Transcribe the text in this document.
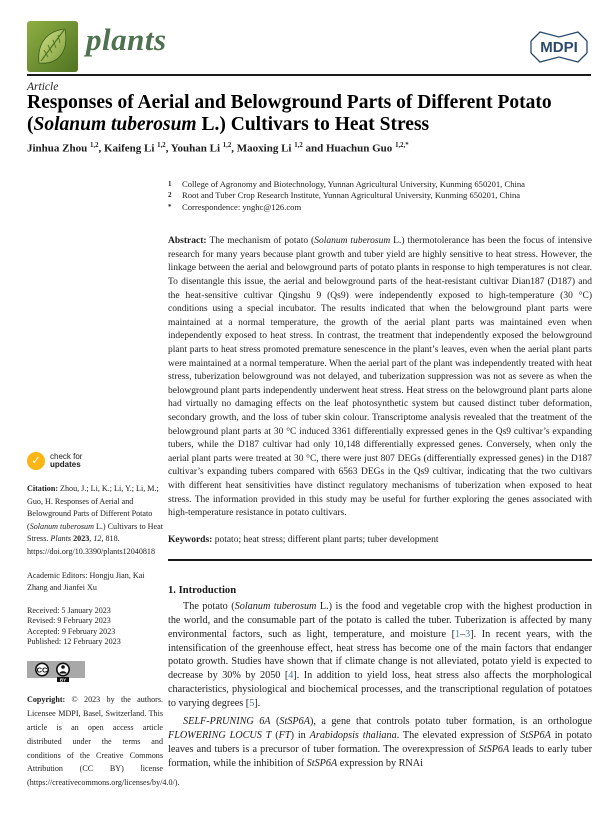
plants	MDPI
Article
Responses of Aerial and Belowground Parts of Different Potato (Solanum tuberosum L.) Cultivars to Heat Stress
Jinhua Zhou $^{1,2}$, Kaifeng Li $^{1,2}$, Youhan Li $^{1,2}$, Maoxing Li $^{1,2}$ and Huachun Guo $^{1,2,*}$
✓ check for
updates

Citation: Zhou, J.; Li, K.; Li, Y.; Li, M.; Guo, H. Responses of Aerial and Belowground Parts of Different Potato (Solanum tuberosum L.) Cultivars to Heat Stress. Plants 2023, 12, 818. https://doi.org/10.3390/plants12040818

Academic Editors: Hongju Jian, Kai Zhang and Jianfei Xu

Received: 5 January 2023
Revised: 9 February 2023
Accepted: 9 February 2023
Published: 12 February 2023
CC
BY

Copyright: © 2023 by the authors. Licensee MDPI, Basel, Switzerland. This article is an open access article distributed under the terms and conditions of the Creative Commons Attribution (CC BY) license (https://creativecommons.org/licenses/by/4.0/).

1 College of Agronomy and Biotechnology, Yunnan Agricultural University, Kunming 650201, China
2 Root and Tuber Crop Research Institute, Yunnan Agricultural University, Kunming 650201, China
* Correspondence: ynghc@126.com

Abstract: The mechanism of potato (Solanum tuberosum L.) thermotolerance has been the focus of intensive research for many years because plant growth and tuber yield are highly sensitive to heat stress. However, the linkage between the aerial and belowground parts of potato plants in response to high temperatures is not clear. To disentangle this issue, the aerial and belowground parts of the heat-resistant cultivar Dian187 (D187) and the heat-sensitive cultivar Qingshu 9 (Qs9) were independently exposed to high-temperature (30 °C) conditions using a special incubator. The results indicated that when the belowground plant parts were maintained at a normal temperature, the growth of the aerial plant parts was maintained even when independently exposed to heat stress. In contrast, the treatment that independently exposed the belowground plant parts to heat stress promoted premature senescence in the plant’s leaves, even when the aerial plant parts were maintained at a normal temperature. When the aerial part of the plant was independently treated with heat stress, tuberization belowground was not delayed, and tuberization suppression was not as severe as when the belowground plant parts independently underwent heat stress. Heat stress on the belowground plant parts alone had virtually no damaging effects on the leaf photosynthetic system but caused distinct tuber deformation, secondary growth, and the loss of tuber skin colour. Transcriptome analysis revealed that the treatment of the belowground plant parts at 30 °C induced 3361 differentially expressed genes in the Qs9 cultivar’s expanding tubers, while the D187 cultivar had only 10,148 differentially expressed genes. Conversely, when only the aerial plant parts were treated at 30 °C, there were just 807 DEGs (differentially expressed genes) in the D187 cultivar’s expanding tubers compared with 6563 DEGs in the Qs9 cultivar, indicating that the two cultivars with different heat sensitivities have distinct regulatory mechanisms of tuberization when exposed to heat stress. The information provided in this study may be useful for further exploring the genes associated with high-temperature resistance in potato cultivars.

Keywords: potato; heat stress; different plant parts; tuber development

1. Introduction

The potato (Solanum tuberosum L.) is the food and vegetable crop with the highest production in the world, and the consumable part of the potato is called the tuber. Tuberization is affected by many environmental factors, such as light, temperature, and moisture [1–3]. In recent years, with the intensification of the greenhouse effect, heat stress has become one of the main factors that endanger potato growth. Studies have shown that if climate change is not alleviated, potato yield is expected to decrease by 30% by 2050 [4]. In addition to yield loss, heat stress also affects the morphological characteristics, physiological and biochemical processes, and the transcriptional regulation of potatoes to varying degrees [5].

SELF-PRUNING 6A (StSP6A), a gene that controls potato tuber formation, is an orthologue FLOWERING LOCUS T (FT) in Arabidopsis thaliana. The elevated expression of StSP6A in potato leaves and tubers is a precursor of tuber formation. The overexpression of StSP6A leads to early tuber formation, while the inhibition of StSP6A expression by RNAi
